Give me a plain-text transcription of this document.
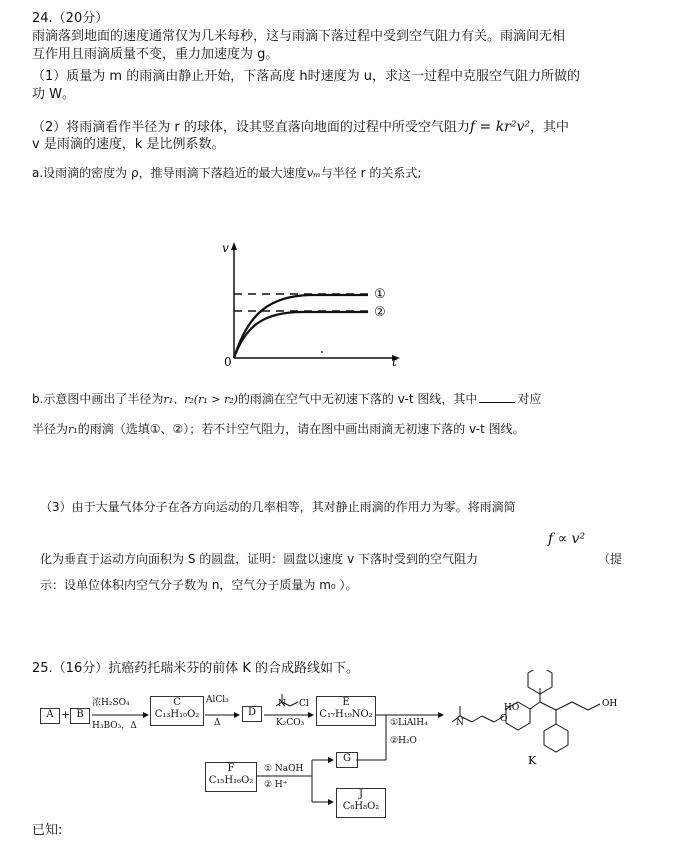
24.（20分）
雨滴落到地面的速度通常仅为几米每秒，这与雨滴下落过程中受到空气阻力有关。雨滴间无相
互作用且雨滴质量不变，重力加速度为 g。
（1）质量为 m 的雨滴由静止开始，下落高度 h时速度为 u，求这一过程中克服空气阻力所做的
功 W。
（2）将雨滴看作半径为 r 的球体，设其竖直落向地面的过程中所受空气阻力f = kr²v²，其中
v 是雨滴的速度，k 是比例系数。
a.设雨滴的密度为 ρ，推导雨滴下落趋近的最大速度vₘ与半径 r 的关系式;
v
t
0
①
②
b.示意图中画出了半径为r₁、r₂(r₁ > r₂)的雨滴在空气中无初速下落的 v-t 图线，其中	对应
半径为r₁的雨滴（选填①、②）；若不计空气阻力，请在图中画出雨滴无初速下落的 v-t 图线。
（3）由于大量气体分子在各方向运动的几率相等，其对静止雨滴的作用力为零。将雨滴简
f ∝ v²
化为垂直于运动方向面积为 S 的圆盘，证明：圆盘以速度 v 下落时受到的空气阻力	（提
示：设单位体积内空气分子数为 n，空气分子质量为 m₀ ）。
25.（16分）抗癌药托瑞米芬的前体 K 的合成路线如下。
A + B
浓H₂SO₄
H₃BO₃，Δ
C
C₁₃H₁₀O₂
AlCl₃
Δ
D
K₂CO₃
E
C₁₇H₁₉NO₂
①LiAlH₄
②H₂O
F
C₁₅H₁₆O₂
① NaOH
② H⁺
G
J
C₈H₈O₂
N Cl	HO	OH
N	O
K
已知:
